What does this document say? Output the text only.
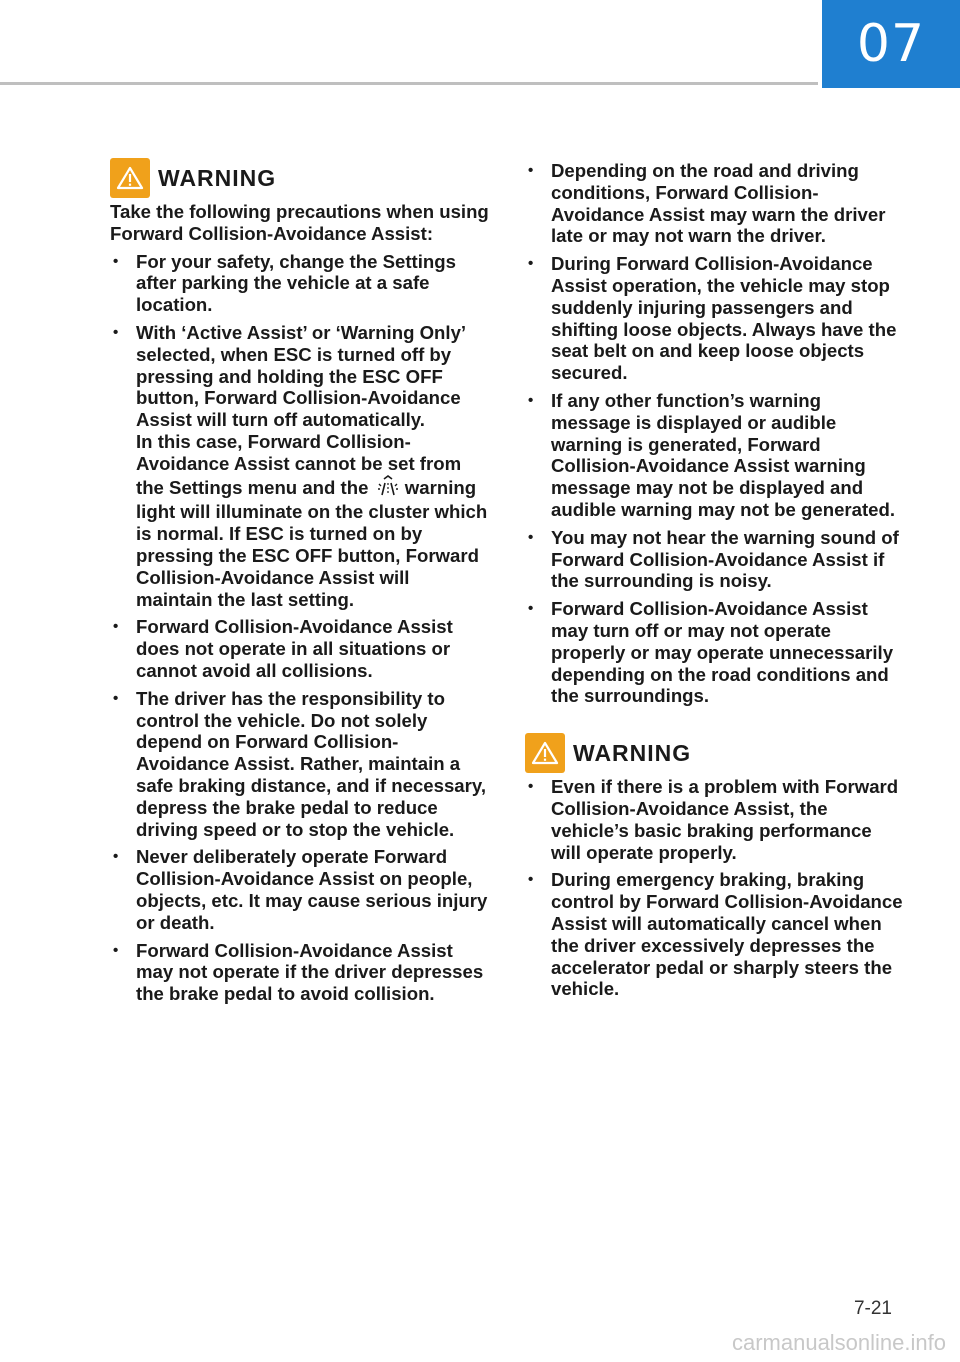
07
WARNING

Take the following precautions when using Forward Collision-Avoidance Assist:

• For your safety, change the Settings after parking the vehicle at a safe location.
• With ‘Active Assist’ or ‘Warning Only’ selected, when ESC is turned off by pressing and holding the ESC OFF button, Forward Collision-Avoidance Assist will turn off automatically.
In this case, Forward Collision-Avoidance Assist cannot be set from the Settings menu and the warning light will illuminate on the cluster which is normal. If ESC is turned on by pressing the ESC OFF button, Forward Collision-Avoidance Assist will maintain the last setting.
• Forward Collision-Avoidance Assist does not operate in all situations or cannot avoid all collisions.
• The driver has the responsibility to control the vehicle. Do not solely depend on Forward Collision-Avoidance Assist. Rather, maintain a safe braking distance, and if necessary, depress the brake pedal to reduce driving speed or to stop the vehicle.
• Never deliberately operate Forward Collision-Avoidance Assist on people, objects, etc. It may cause serious injury or death.
• Forward Collision-Avoidance Assist may not operate if the driver depresses the brake pedal to avoid collision.
• Depending on the road and driving conditions, Forward Collision-Avoidance Assist may warn the driver late or may not warn the driver.
• During Forward Collision-Avoidance Assist operation, the vehicle may stop suddenly injuring passengers and shifting loose objects. Always have the seat belt on and keep loose objects secured.
• If any other function’s warning message is displayed or audible warning is generated, Forward Collision-Avoidance Assist warning message may not be displayed and audible warning may not be generated.
• You may not hear the warning sound of Forward Collision-Avoidance Assist if the surrounding is noisy.
• Forward Collision-Avoidance Assist may turn off or may not operate properly or may operate unnecessarily depending on the road conditions and the surroundings.
WARNING
• Even if there is a problem with Forward Collision-Avoidance Assist, the vehicle’s basic braking performance will operate properly.
• During emergency braking, braking control by Forward Collision-Avoidance Assist will automatically cancel when the driver excessively depresses the accelerator pedal or sharply steers the vehicle.
7-21
carmanualsonline.info
